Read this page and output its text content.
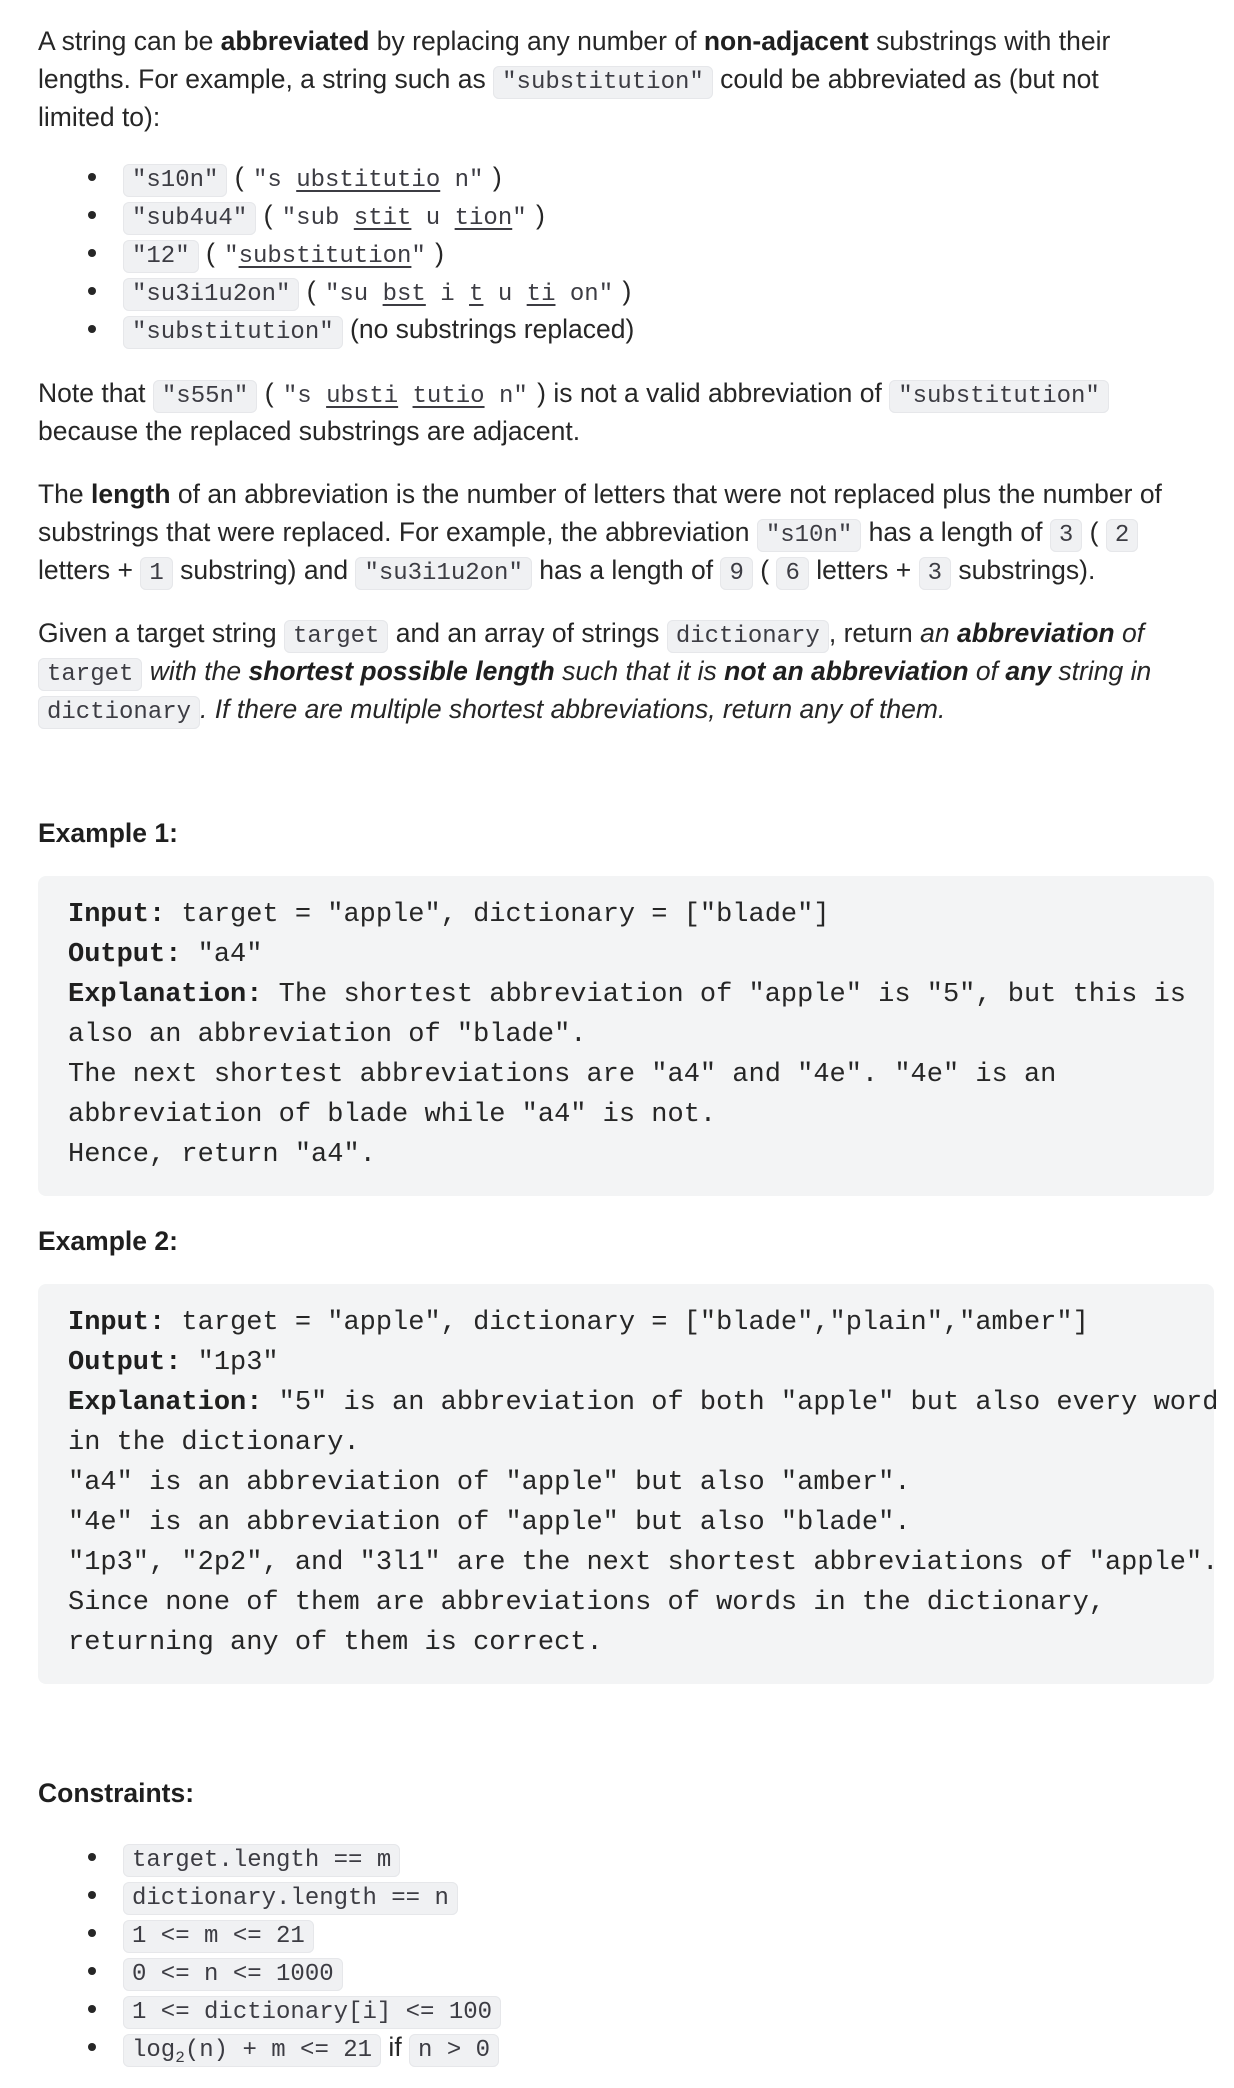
A string can be abbreviated by replacing any number of non-adjacent substrings with their
lengths. For example, a string such as "substitution" could be abbreviated as (but not
limited to):
"s10n" ( "s ubstitutio n" )
"sub4u4" ( "sub stit u tion" )
"12" ( "substitution" )
"su3i1u2on" ( "su bst i t u ti on" )
"substitution" (no substrings replaced)
Note that "s55n" ( "s ubsti tutio n" ) is not a valid abbreviation of "substitution"
because the replaced substrings are adjacent.
The length of an abbreviation is the number of letters that were not replaced plus the number of
substrings that were replaced. For example, the abbreviation "s10n" has a length of 3 ( 2
letters + 1 substring) and "su3i1u2on" has a length of 9 ( 6 letters + 3 substrings).
Given a target string target and an array of strings dictionary , return an abbreviation of
target with the shortest possible length such that it is not an abbreviation of any string in
dictionary . If there are multiple shortest abbreviations, return any of them.
Example 1:
Input: target = "apple", dictionary = ["blade"]
Output: "a4"
Explanation: The shortest abbreviation of "apple" is "5", but this is
also an abbreviation of "blade".
The next shortest abbreviations are "a4" and "4e". "4e" is an
abbreviation of blade while "a4" is not.
Hence, return "a4".
Example 2:
Input: target = "apple", dictionary = ["blade","plain","amber"]
Output: "1p3"
Explanation: "5" is an abbreviation of both "apple" but also every word
in the dictionary.
"a4" is an abbreviation of "apple" but also "amber".
"4e" is an abbreviation of "apple" but also "blade".
"1p3", "2p2", and "3l1" are the next shortest abbreviations of "apple".
Since none of them are abbreviations of words in the dictionary,
returning any of them is correct.
Constraints:
target.length == m
dictionary.length == n
1 <= m <= 21
0 <= n <= 1000
1 <= dictionary[i] <= 100
$\log_2(n) + m <= 21$ if n > 0
